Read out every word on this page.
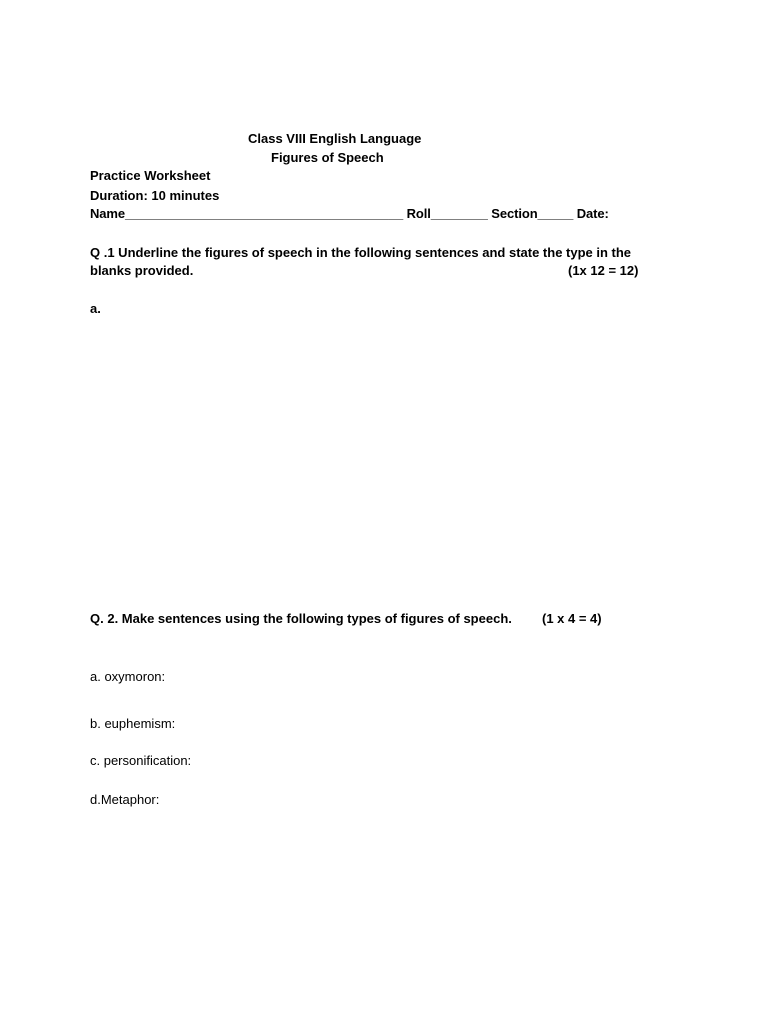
Class VIII English Language
Figures of Speech
Practice Worksheet
Duration: 10 minutes
Name_______________________________________ Roll________ Section_____ Date:
Q .1 Underline the figures of speech in the following sentences and state the type in the
blanks provided.	(1x 12 = 12)
a.
Q. 2. Make sentences using the following types of figures of speech. (1 x 4 = 4)
a. oxymoron:
b. euphemism:
c. personification:
d.Metaphor:
